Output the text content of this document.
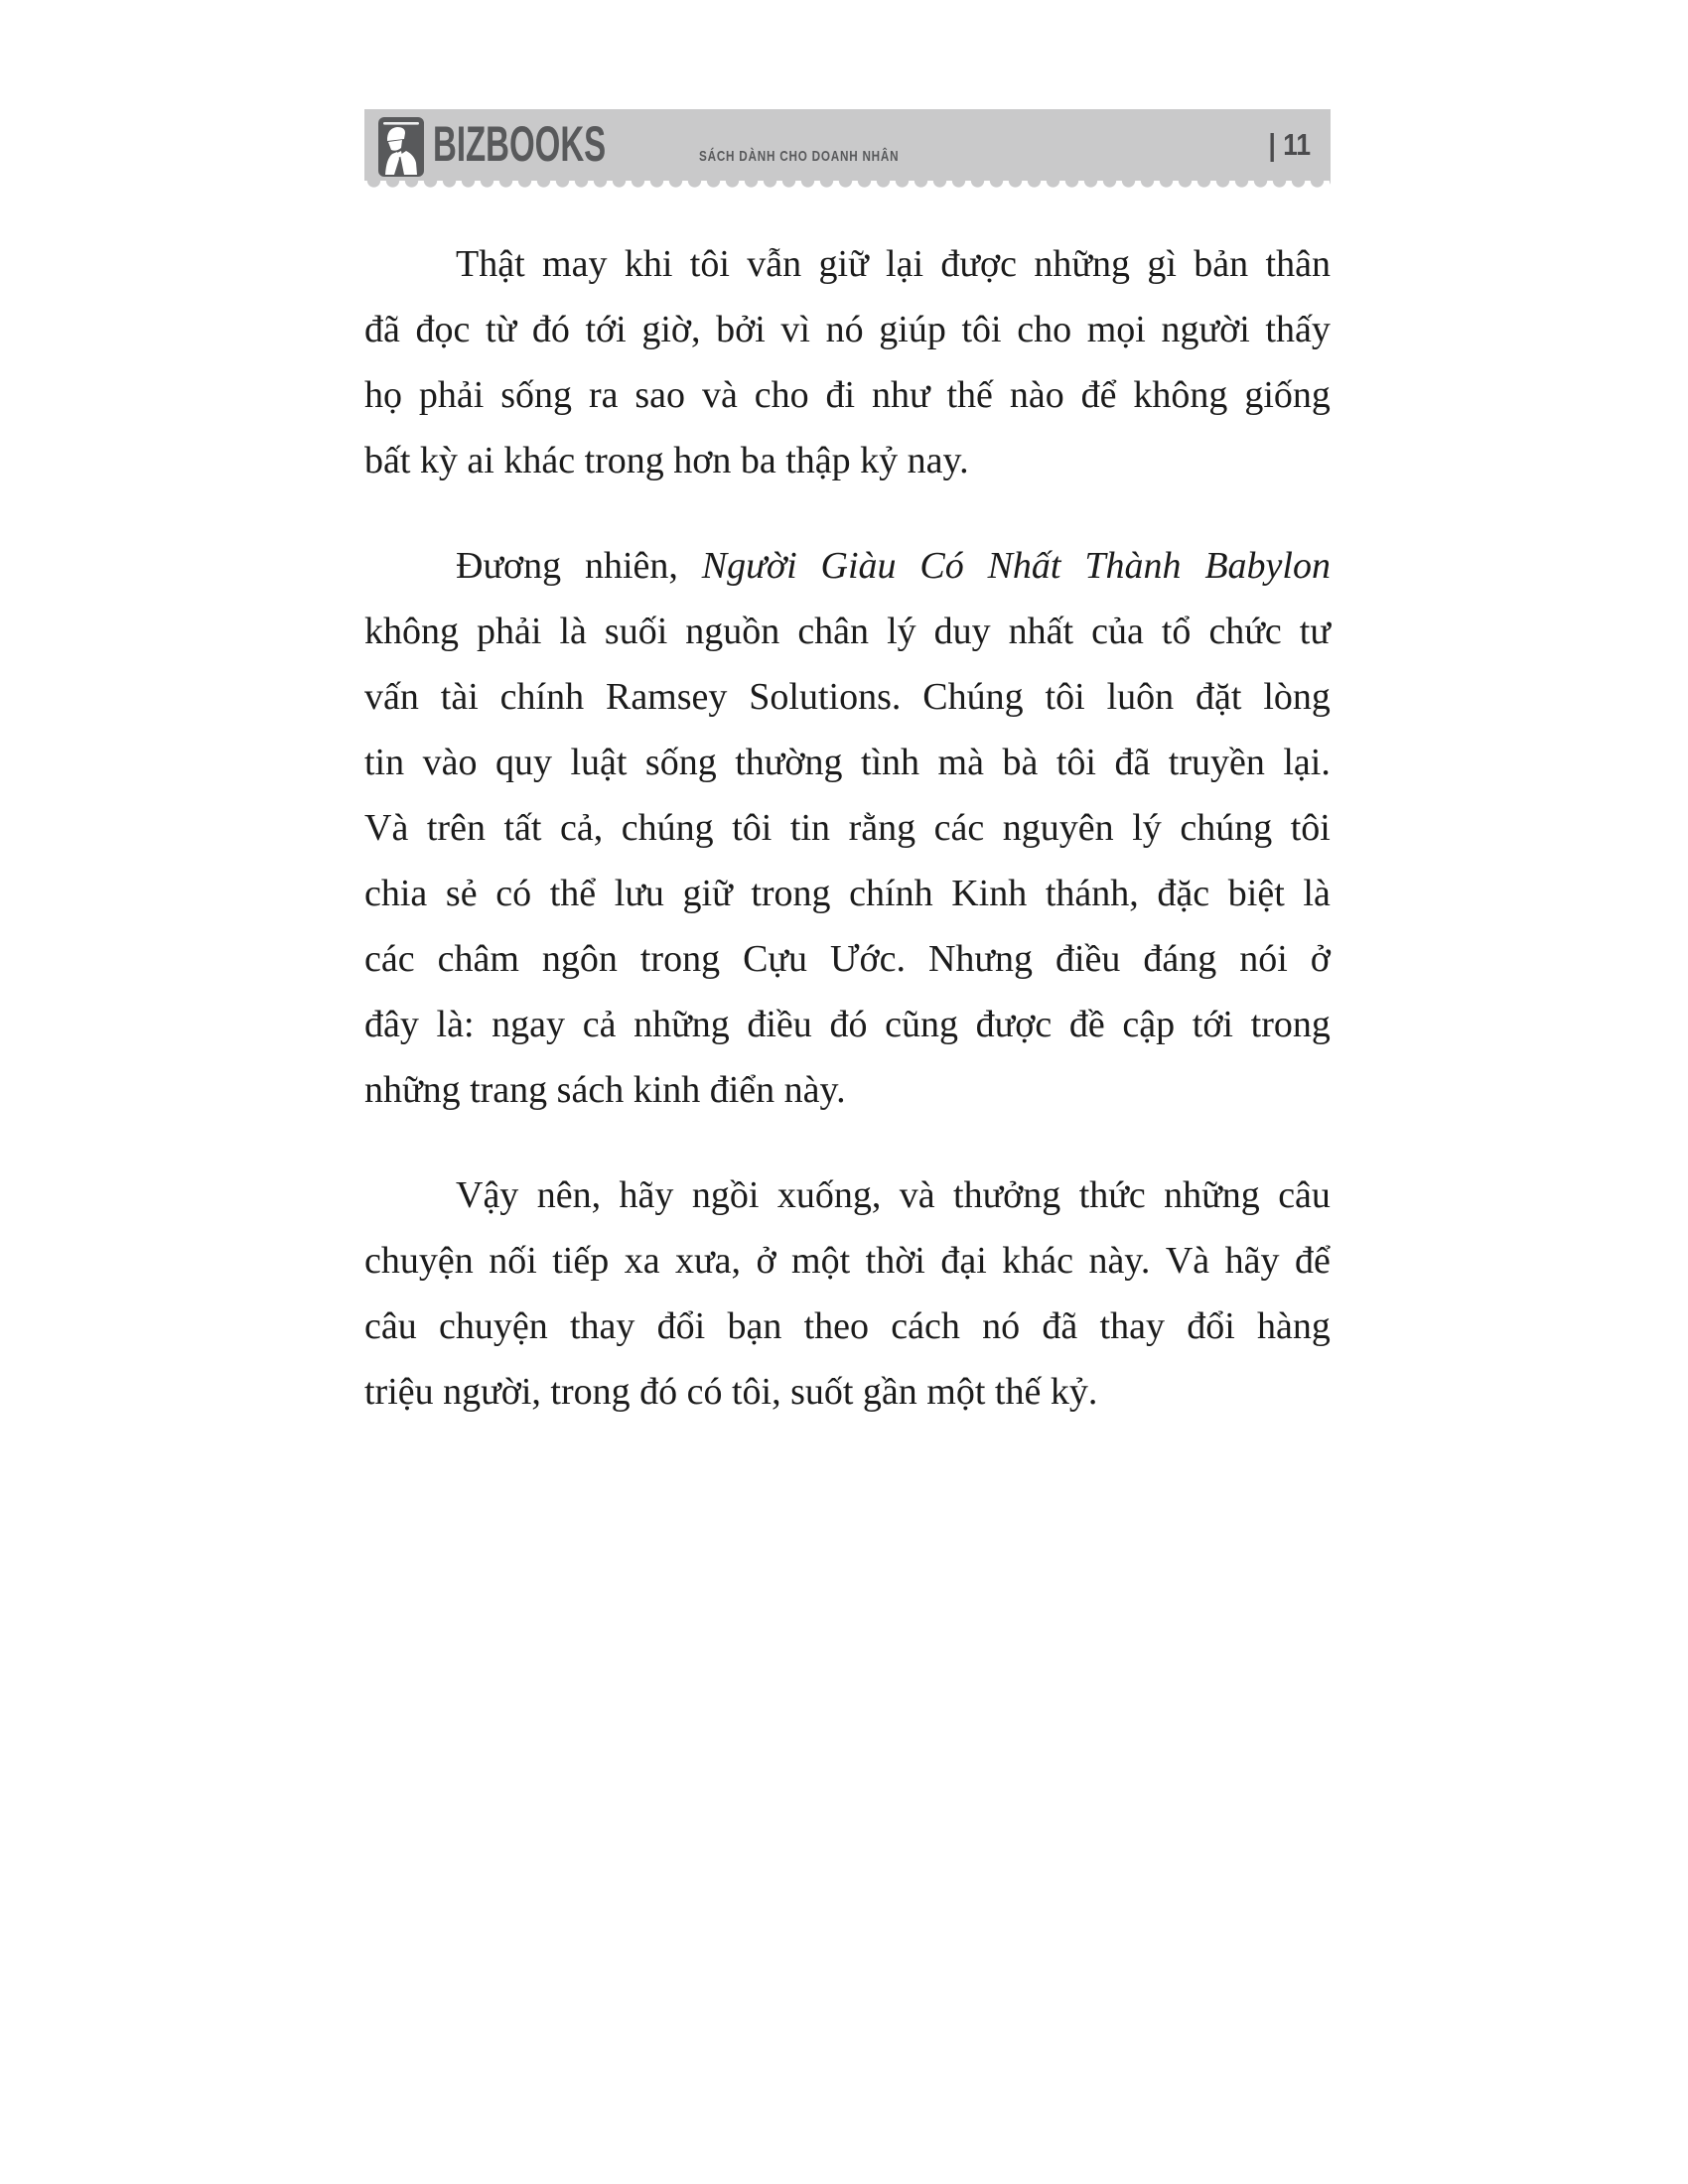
BIZBOOKS	SÁCH DÀNH CHO DOANH NHÂN	| 11
Thật may khi tôi vẫn giữ lại được những gì bản thân
đã đọc từ đó tới giờ, bởi vì nó giúp tôi cho mọi người thấy
họ phải sống ra sao và cho đi như thế nào để không giống
bất kỳ ai khác trong hơn ba thập kỷ nay.
Đương nhiên, Người Giàu Có Nhất Thành Babylon
không phải là suối nguồn chân lý duy nhất của tổ chức tư
vấn tài chính Ramsey Solutions. Chúng tôi luôn đặt lòng
tin vào quy luật sống thường tình mà bà tôi đã truyền lại.
Và trên tất cả, chúng tôi tin rằng các nguyên lý chúng tôi
chia sẻ có thể lưu giữ trong chính Kinh thánh, đặc biệt là
các châm ngôn trong Cựu Ước. Nhưng điều đáng nói ở
đây là: ngay cả những điều đó cũng được đề cập tới trong
những trang sách kinh điển này.
Vậy nên, hãy ngồi xuống, và thưởng thức những câu
chuyện nối tiếp xa xưa, ở một thời đại khác này. Và hãy để
câu chuyện thay đổi bạn theo cách nó đã thay đổi hàng
triệu người, trong đó có tôi, suốt gần một thế kỷ.
